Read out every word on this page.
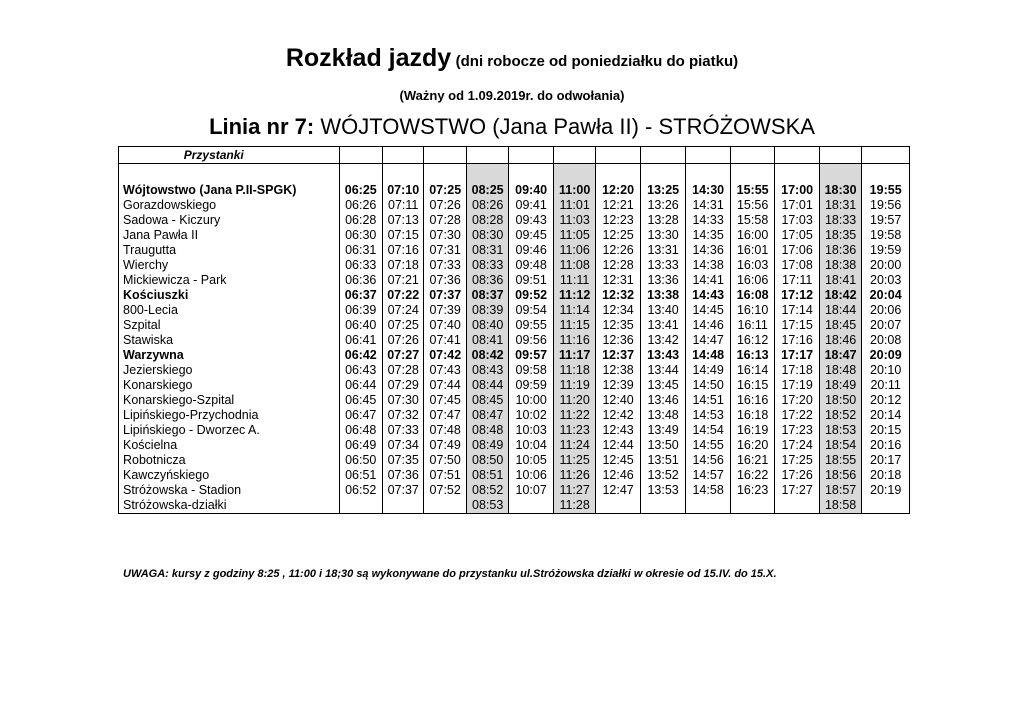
Rozkład jazdy (dni robocze od poniedziałku do piatku)
(Ważny od 1.09.2019r. do odwołania)
Linia nr 7: WÓJTOWSTWO (Jana Pawła II) - STRÓŻOWSKA
Przystanki													

Wójtowstwo (Jana P.II-SPGK)	06:25	07:10	07:25	08:25	09:40	11:00	12:20	13:25	14:30	15:55	17:00	18:30	19:55
Gorazdowskiego	06:26	07:11	07:26	08:26	09:41	11:01	12:21	13:26	14:31	15:56	17:01	18:31	19:56
Sadowa - Kiczury	06:28	07:13	07:28	08:28	09:43	11:03	12:23	13:28	14:33	15:58	17:03	18:33	19:57
Jana Pawła II	06:30	07:15	07:30	08:30	09:45	11:05	12:25	13:30	14:35	16:00	17:05	18:35	19:58
Traugutta	06:31	07:16	07:31	08:31	09:46	11:06	12:26	13:31	14:36	16:01	17:06	18:36	19:59
Wierchy	06:33	07:18	07:33	08:33	09:48	11:08	12:28	13:33	14:38	16:03	17:08	18:38	20:00
Mickiewicza - Park	06:36	07:21	07:36	08:36	09:51	11:11	12:31	13:36	14:41	16:06	17:11	18:41	20:03
Kościuszki	06:37	07:22	07:37	08:37	09:52	11:12	12:32	13:38	14:43	16:08	17:12	18:42	20:04
800-Lecia	06:39	07:24	07:39	08:39	09:54	11:14	12:34	13:40	14:45	16:10	17:14	18:44	20:06
Szpital	06:40	07:25	07:40	08:40	09:55	11:15	12:35	13:41	14:46	16:11	17:15	18:45	20:07
Stawiska	06:41	07:26	07:41	08:41	09:56	11:16	12:36	13:42	14:47	16:12	17:16	18:46	20:08
Warzywna	06:42	07:27	07:42	08:42	09:57	11:17	12:37	13:43	14:48	16:13	17:17	18:47	20:09
Jezierskiego	06:43	07:28	07:43	08:43	09:58	11:18	12:38	13:44	14:49	16:14	17:18	18:48	20:10
Konarskiego	06:44	07:29	07:44	08:44	09:59	11:19	12:39	13:45	14:50	16:15	17:19	18:49	20:11
Konarskiego-Szpital	06:45	07:30	07:45	08:45	10:00	11:20	12:40	13:46	14:51	16:16	17:20	18:50	20:12
Lipińskiego-Przychodnia	06:47	07:32	07:47	08:47	10:02	11:22	12:42	13:48	14:53	16:18	17:22	18:52	20:14
Lipińskiego - Dworzec A.	06:48	07:33	07:48	08:48	10:03	11:23	12:43	13:49	14:54	16:19	17:23	18:53	20:15
Kościelna	06:49	07:34	07:49	08:49	10:04	11:24	12:44	13:50	14:55	16:20	17:24	18:54	20:16
Robotnicza	06:50	07:35	07:50	08:50	10:05	11:25	12:45	13:51	14:56	16:21	17:25	18:55	20:17
Kawczyńskiego	06:51	07:36	07:51	08:51	10:06	11:26	12:46	13:52	14:57	16:22	17:26	18:56	20:18
Stróżowska - Stadion	06:52	07:37	07:52	08:52	10:07	11:27	12:47	13:53	14:58	16:23	17:27	18:57	20:19
Stróżowska-działki				08:53		11:28						18:58	
UWAGA: kursy z godziny 8:25 , 11:00 i 18;30 są wykonywane do przystanku ul.Stróżowska działki w okresie od 15.IV. do 15.X.
